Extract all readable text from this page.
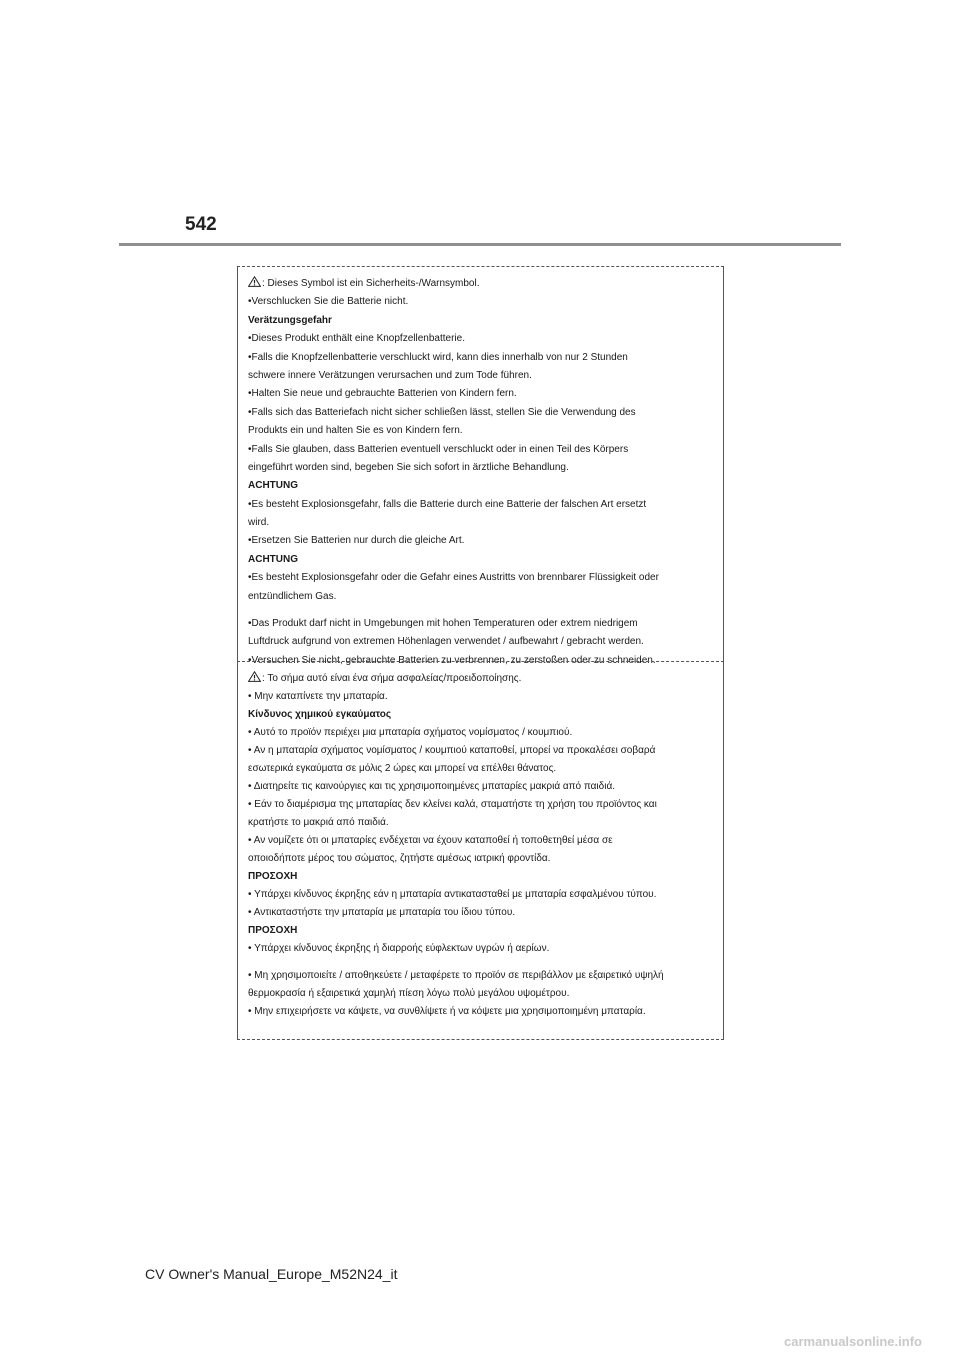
542
: Dieses Symbol ist ein Sicherheits-/Warnsymbol.
•Verschlucken Sie die Batterie nicht.
Verätzungsgefahr
•Dieses Produkt enthält eine Knopfzellenbatterie.
•Falls die Knopfzellenbatterie verschluckt wird, kann dies innerhalb von nur 2 Stunden
schwere innere Verätzungen verursachen und zum Tode führen.
•Halten Sie neue und gebrauchte Batterien von Kindern fern.
•Falls sich das Batteriefach nicht sicher schließen lässt, stellen Sie die Verwendung des
Produkts ein und halten Sie es von Kindern fern.
•Falls Sie glauben, dass Batterien eventuell verschluckt oder in einen Teil des Körpers
eingeführt worden sind, begeben Sie sich sofort in ärztliche Behandlung.
ACHTUNG
•Es besteht Explosionsgefahr, falls die Batterie durch eine Batterie der falschen Art ersetzt
wird.
•Ersetzen Sie Batterien nur durch die gleiche Art.
ACHTUNG
•Es besteht Explosionsgefahr oder die Gefahr eines Austritts von brennbarer Flüssigkeit oder
entzündlichem Gas.
•Das Produkt darf nicht in Umgebungen mit hohen Temperaturen oder extrem niedrigem
Luftdruck aufgrund von extremen Höhenlagen verwendet / aufbewahrt / gebracht werden.
•Versuchen Sie nicht, gebrauchte Batterien zu verbrennen, zu zerstoßen oder zu schneiden.
: Το σήμα αυτό είναι ένα σήμα ασφαλείας/προειδοποίησης.
• Μην καταπίνετε την μπαταρία.
Κίνδυνος χημικού εγκαύματος
• Αυτό το προϊόν περιέχει μια μπαταρία σχήματος νομίσματος / κουμπιού.
• Αν η μπαταρία σχήματος νομίσματος / κουμπιού καταποθεί, μπορεί να προκαλέσει σοβαρά
εσωτερικά εγκαύματα σε μόλις 2 ώρες και μπορεί να επέλθει θάνατος.
• Διατηρείτε τις καινούργιες και τις χρησιμοποιημένες μπαταρίες μακριά από παιδιά.
• Εάν το διαμέρισμα της μπαταρίας δεν κλείνει καλά, σταματήστε τη χρήση του προϊόντος και
κρατήστε το μακριά από παιδιά.
• Αν νομίζετε ότι οι μπαταρίες ενδέχεται να έχουν καταποθεί ή τοποθετηθεί μέσα σε
οποιοδήποτε μέρος του σώματος, ζητήστε αμέσως ιατρική φροντίδα.
ΠΡΟΣΟΧΗ
• Υπάρχει κίνδυνος έκρηξης εάν η μπαταρία αντικατασταθεί με μπαταρία εσφαλμένου τύπου.
• Αντικαταστήστε την μπαταρία με μπαταρία του ίδιου τύπου.
ΠΡΟΣΟΧΗ
• Υπάρχει κίνδυνος έκρηξης ή διαρροής εύφλεκτων υγρών ή αερίων.
• Μη χρησιμοποιείτε / αποθηκεύετε / μεταφέρετε το προϊόν σε περιβάλλον με εξαιρετικό υψηλή
θερμοκρασία ή εξαιρετικά χαμηλή πίεση λόγω πολύ μεγάλου υψομέτρου.
• Μην επιχειρήσετε να κάψετε, να συνθλίψετε ή να κόψετε μια χρησιμοποιημένη μπαταρία.
CV Owner's Manual_Europe_M52N24_it
carmanualsonline.info
